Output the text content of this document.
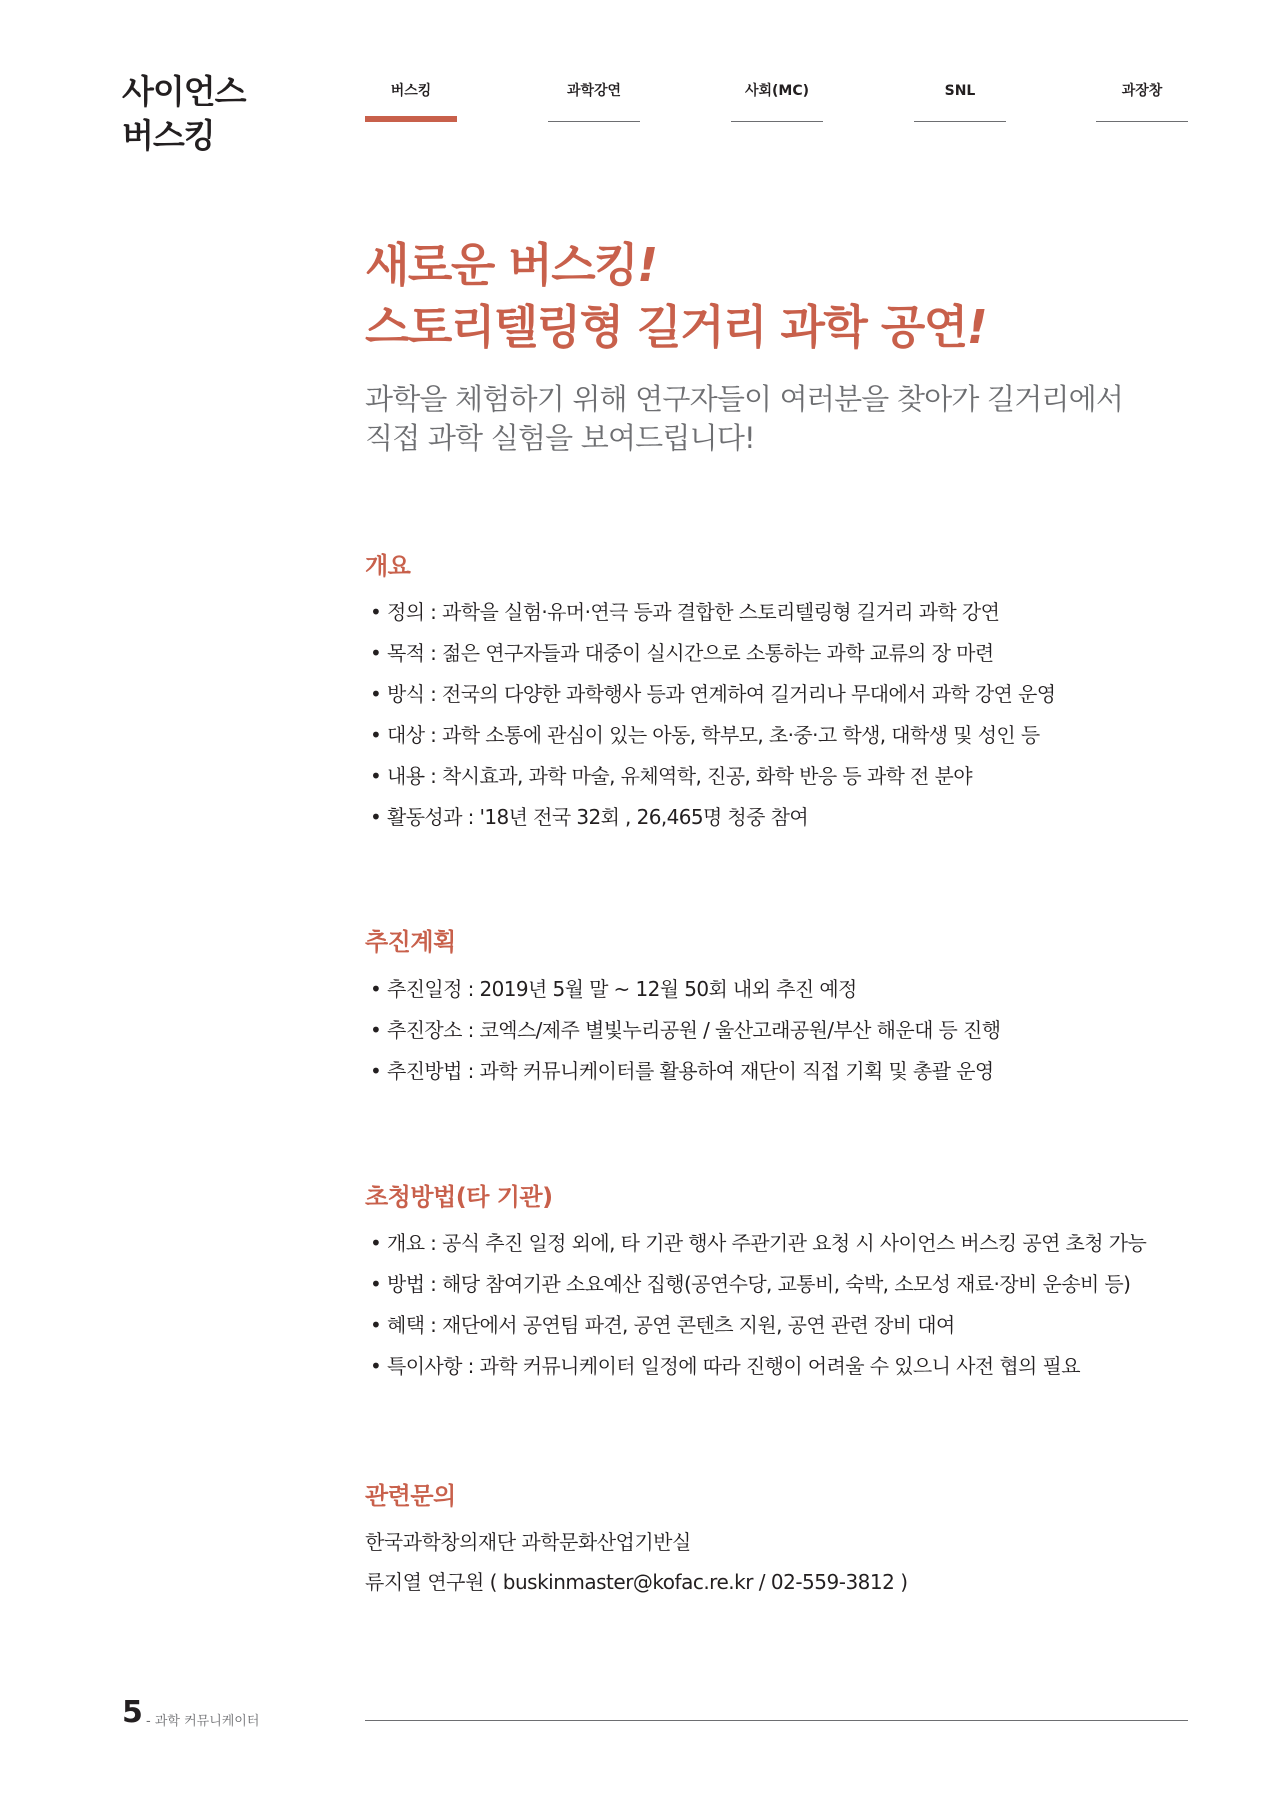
사이언스
버스킹
버스킹	과학강연	사회(MC)	SNL	과장창
새로운 버스킹!
스토리텔링형 길거리 과학 공연!
과학을 체험하기 위해 연구자들이 여러분을 찾아가 길거리에서
직접 과학 실험을 보여드립니다!
개요
• 정의 : 과학을 실험·유머·연극 등과 결합한 스토리텔링형 길거리 과학 강연
• 목적 : 젊은 연구자들과 대중이 실시간으로 소통하는 과학 교류의 장 마련
• 방식 : 전국의 다양한 과학행사 등과 연계하여 길거리나 무대에서 과학 강연 운영
• 대상 : 과학 소통에 관심이 있는 아동, 학부모, 초·중·고 학생, 대학생 및 성인 등
• 내용 : 착시효과, 과학 마술, 유체역학, 진공, 화학 반응 등 과학 전 분야
• 활동성과 : '18년 전국 32회 , 26,465명 청중 참여
추진계획
• 추진일정 : 2019년 5월 말 ~ 12월 50회 내외 추진 예정
• 추진장소 : 코엑스/제주 별빛누리공원 / 울산고래공원/부산 해운대 등 진행
• 추진방법 : 과학 커뮤니케이터를 활용하여 재단이 직접 기획 및 총괄 운영
초청방법(타 기관)
• 개요 : 공식 추진 일정 외에, 타 기관 행사 주관기관 요청 시 사이언스 버스킹 공연 초청 가능
• 방법 : 해당 참여기관 소요예산 집행(공연수당, 교통비, 숙박, 소모성 재료·장비 운송비 등)
• 혜택 : 재단에서 공연팀 파견, 공연 콘텐츠 지원, 공연 관련 장비 대여
• 특이사항 : 과학 커뮤니케이터 일정에 따라 진행이 어려울 수 있으니 사전 협의 필요
관련문의
한국과학창의재단 과학문화산업기반실
류지열 연구원 ( buskinmaster@kofac.re.kr / 02-559-3812 )
5 - 과학 커뮤니케이터
